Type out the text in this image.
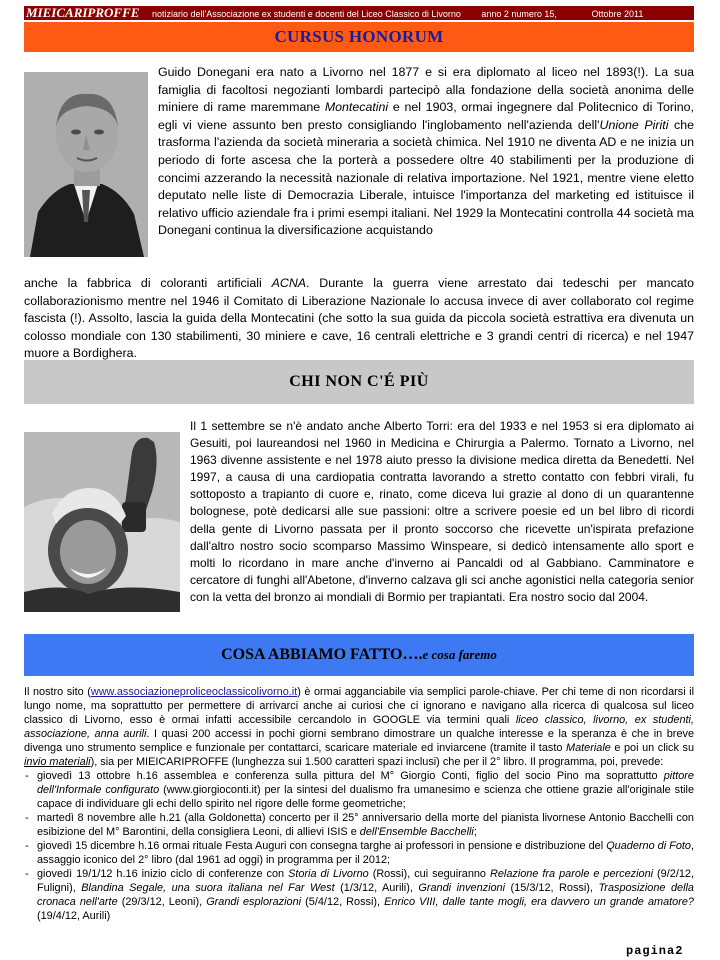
MIEICARIPROFFE notiziario dell'Associazione ex studenti e docenti del Liceo Classico di Livorno anno 2 numero 15,	Ottobre 2011
CURSUS HONORUM
Guido Donegani era nato a Livorno nel 1877 e si era diplomato al liceo nel 1893(!). La sua famiglia di facoltosi negozianti lombardi partecipò alla fondazione della società anonima delle miniere di rame maremmane Montecatini e nel 1903, ormai ingegnere dal Politecnico di Torino, egli vi viene assunto ben presto consigliando l'inglobamento nell'azienda dell'Unione Piriti che trasforma l'azienda da società mineraria a società chimica. Nel 1910 ne diventa AD e ne inizia un periodo di forte ascesa che la porterà a possedere oltre 40 stabilimenti per la produzione di concimi azzerando la necessità nazionale di relativa importazione. Nel 1921, mentre viene eletto deputato nelle liste di Democrazia Liberale, intuisce l'importanza del marketing ed istituisce il relativo ufficio aziendale fra i primi esempi italiani. Nel 1929 la Montecatini controlla 44 società ma Donegani continua la diversificazione acquistando
anche la fabbrica di coloranti artificiali ACNA. Durante la guerra viene arrestato dai tedeschi per mancato collaborazionismo mentre nel 1946 il Comitato di Liberazione Nazionale lo accusa invece di aver collaborato col regime fascista (!). Assolto, lascia la guida della Montecatini (che sotto la sua guida da piccola società estrattiva era divenuta un colosso mondiale con 130 stabilimenti, 30 miniere e cave, 16 centrali elettriche e 3 grandi centri di ricerca) e nel 1947 muore a Bordighera.
CHI NON C'É PIÙ
Il 1 settembre se n'è andato anche Alberto Torri: era del 1933 e nel 1953 si era diplomato ai Gesuiti, poi laureandosi nel 1960 in Medicina e Chirurgia a Palermo. Tornato a Livorno, nel 1963 divenne assistente e nel 1978 aiuto presso la divisione medica diretta da Benedetti. Nel 1997, a causa di una cardiopatia contratta lavorando a stretto contatto con febbri virali, fu sottoposto a trapianto di cuore e, rinato, come diceva lui grazie al dono di un quarantenne bolognese, potè dedicarsi alle sue passioni: oltre a scrivere poesie ed un bel libro di ricordi della gente di Livorno passata per il pronto soccorso che ricevette un'ispirata prefazione dall'altro nostro socio scomparso Massimo Winspeare, si dedicò intensamente allo sport e molti lo ricordano in mare anche d'inverno ai Pancaldi od al Gabbiano. Camminatore e cercatore di funghi all'Abetone, d'inverno calzava gli sci anche agonistici nella categoria senior con la vetta del bronzo ai mondiali di Bormio per trapiantati. Era nostro socio dal 2004.
COSA ABBIAMO FATTO….e cosa faremo
Il nostro sito (www.associazioneproliceoclassicolivorno.it) è ormai agganciabile via semplici parole-chiave. Per chi teme di non ricordarsi il lungo nome, ma soprattutto per permettere di arrivarci anche ai curiosi che ci ignorano e navigano alla ricerca di qualcosa sul liceo classico di Livorno, esso è ormai infatti accessibile cercandolo in GOOGLE via termini quali liceo classico, livorno, ex studenti, associazione, anna aurili. I quasi 200 accessi in pochi giorni sembrano dimostrare un qualche interesse e la speranza è che in breve divenga uno strumento semplice e funzionale per contattarci, scaricare materiale ed inviarcene (tramite il tasto Materiale e poi un click su invio materiali), sia per MIEICARIPROFFE (lunghezza sui 1.500 caratteri spazi inclusi) che per il 2° libro. Il programma, poi, prevede:
- giovedì 13 ottobre h.16 assemblea e conferenza sulla pittura del M° Giorgio Conti, figlio del socio Pino ma soprattutto pittore dell'Informale configurato (www.giorgioconti.it) per la sintesi del dualismo fra umanesimo e scienza che ottiene grazie all'originale stile capace di individuare gli echi dello spirito nel rigore delle forme geometriche;
- martedì 8 novembre alle h.21 (alla Goldonetta) concerto per il 25° anniversario della morte del pianista livornese Antonio Bacchelli con esibizione del M° Barontini, della consigliera Leoni, di allievi ISIS e dell'Ensemble Bacchelli;
- giovedì 15 dicembre h.16 ormai rituale Festa Auguri con consegna targhe ai professori in pensione e distribuzione del Quaderno di Foto, assaggio iconico del 2° libro (dal 1961 ad oggi) in programma per il 2012;
- giovedì 19/1/12 h.16 inizio ciclo di conferenze con Storia di Livorno (Rossi), cui seguiranno Relazione fra parole e percezioni (9/2/12, Fuligni), Blandina Segale, una suora italiana nel Far West (1/3/12, Aurili), Grandi invenzioni (15/3/12, Rossi), Trasposizione della cronaca nell'arte (29/3/12, Leoni), Grandi esplorazioni (5/4/12, Rossi), Enrico VIII, dalle tante mogli, era davvero un grande amatore? (19/4/12, Aurili)
pagina2
